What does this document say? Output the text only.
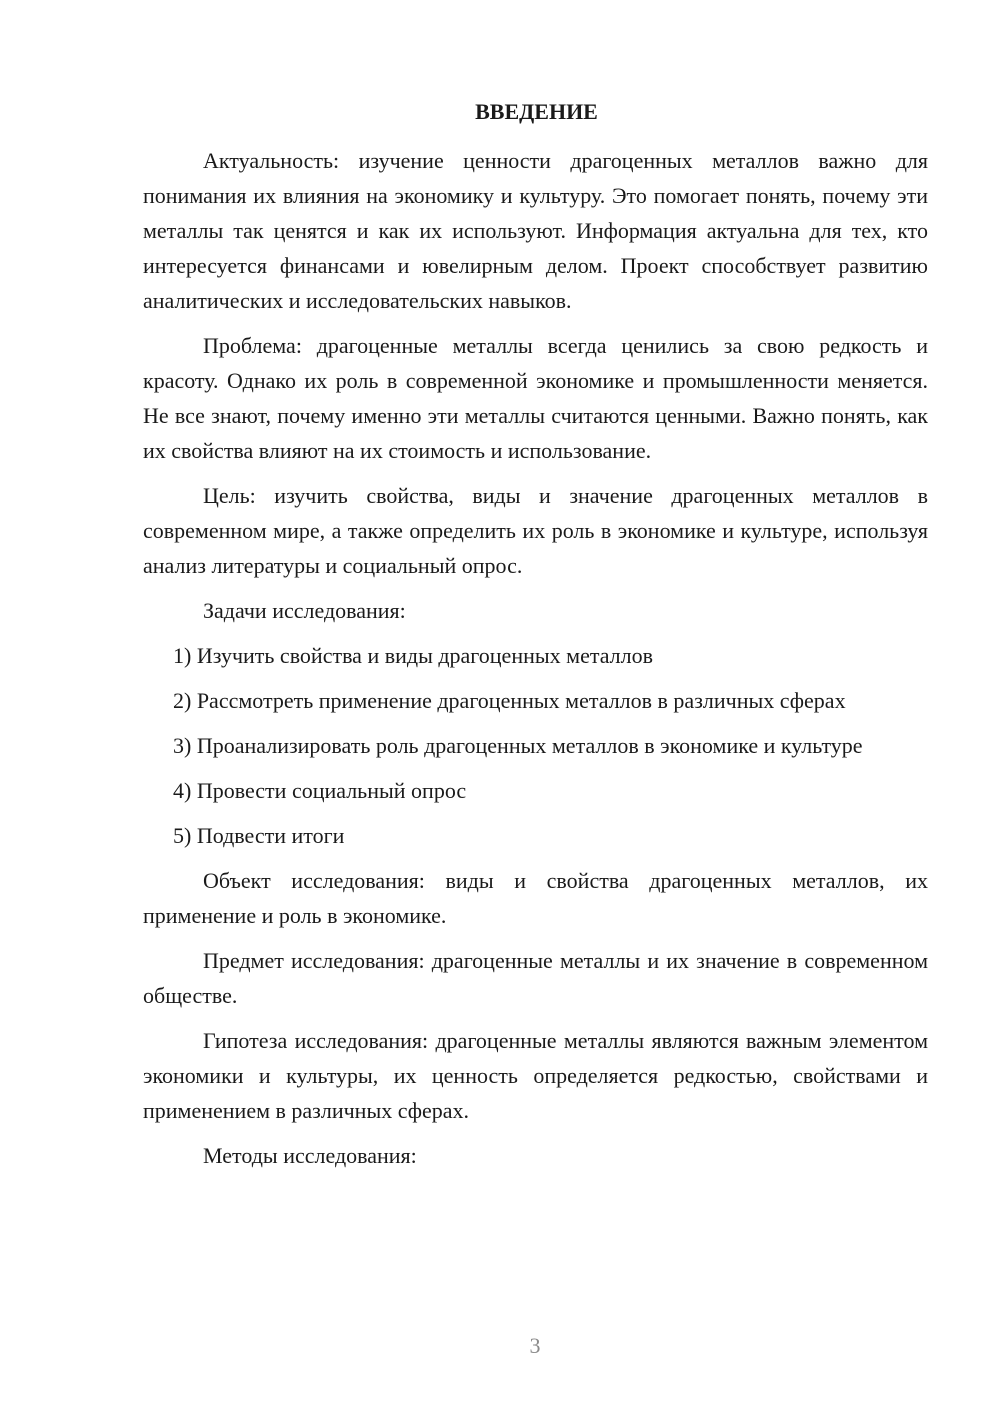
ВВЕДЕНИЕ

Актуальность: изучение ценности драгоценных металлов важно для понимания их влияния на экономику и культуру. Это помогает понять, почему эти металлы так ценятся и как их используют. Информация актуальна для тех, кто интересуется финансами и ювелирным делом. Проект способствует развитию аналитических и исследовательских навыков.

Проблема: драгоценные металлы всегда ценились за свою редкость и красоту. Однако их роль в современной экономике и промышленности меняется. Не все знают, почему именно эти металлы считаются ценными. Важно понять, как их свойства влияют на их стоимость и использование.

Цель: изучить свойства, виды и значение драгоценных металлов в современном мире, а также определить их роль в экономике и культуре, используя анализ литературы и социальный опрос.

Задачи исследования:

1) Изучить свойства и виды драгоценных металлов

2) Рассмотреть применение драгоценных металлов в различных сферах

3) Проанализировать роль драгоценных металлов в экономике и культуре

4) Провести социальный опрос

5) Подвести итоги

Объект исследования: виды и свойства драгоценных металлов, их применение и роль в экономике.

Предмет исследования: драгоценные металлы и их значение в современном обществе.

Гипотеза исследования: драгоценные металлы являются важным элементом экономики и культуры, их ценность определяется редкостью, свойствами и применением в различных сферах.

Методы исследования:

3
